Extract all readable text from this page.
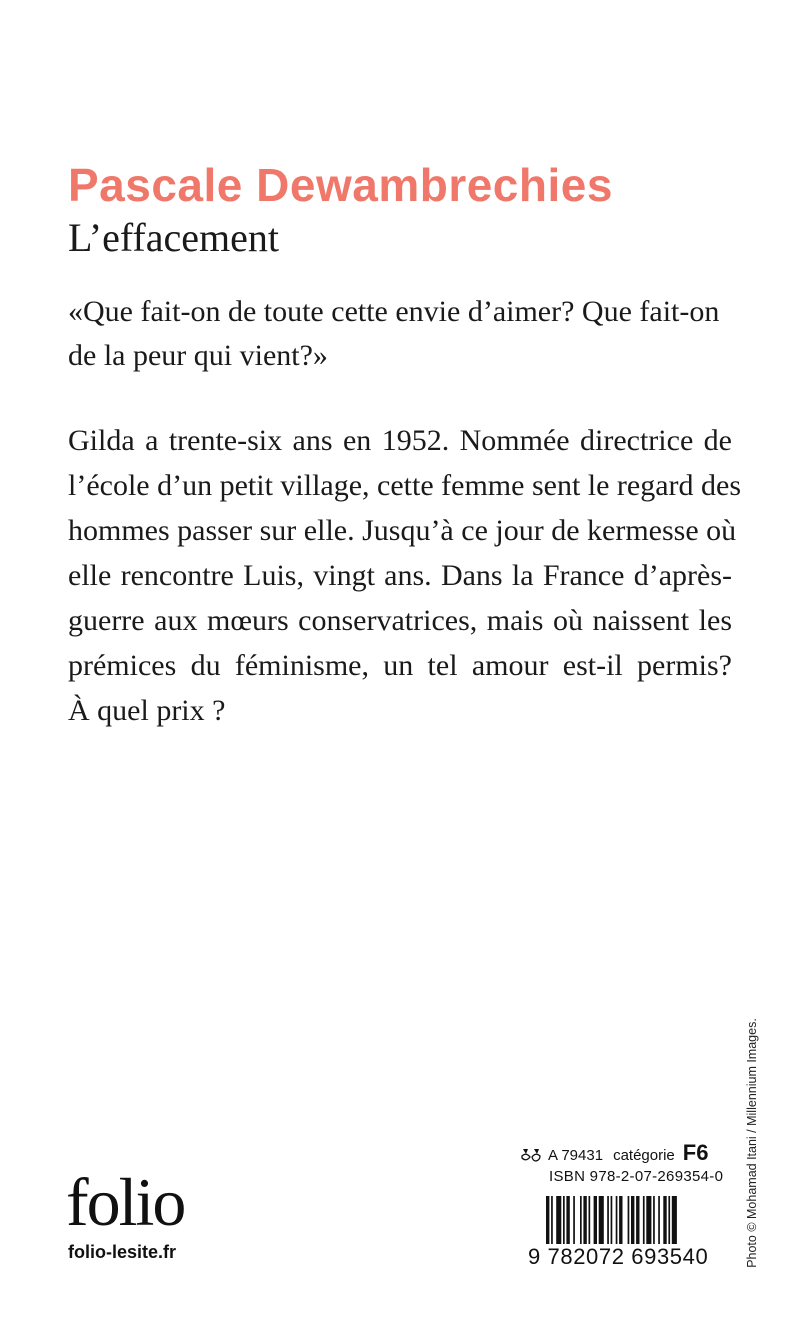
Pascale Dewambrechies
L’effacement
«Que fait-on de toute cette envie d’aimer? Que fait-on
de la peur qui vient?»
Gilda a trente-six ans en 1952. Nommée directrice de
l’école d’un petit village, cette femme sent le regard des
hommes passer sur elle. Jusqu’à ce jour de kermesse où
elle rencontre Luis, vingt ans. Dans la France d’après-
guerre aux mœurs conservatrices, mais où naissent les
prémices du féminisme, un tel amour est-il permis?
À quel prix ?
Photo © Mohamad Itani / Millennium Images.
A 79431 catégorie F6
ISBN 978-2-07-269354-0
9 782072 693540
folio
folio-lesite.fr
